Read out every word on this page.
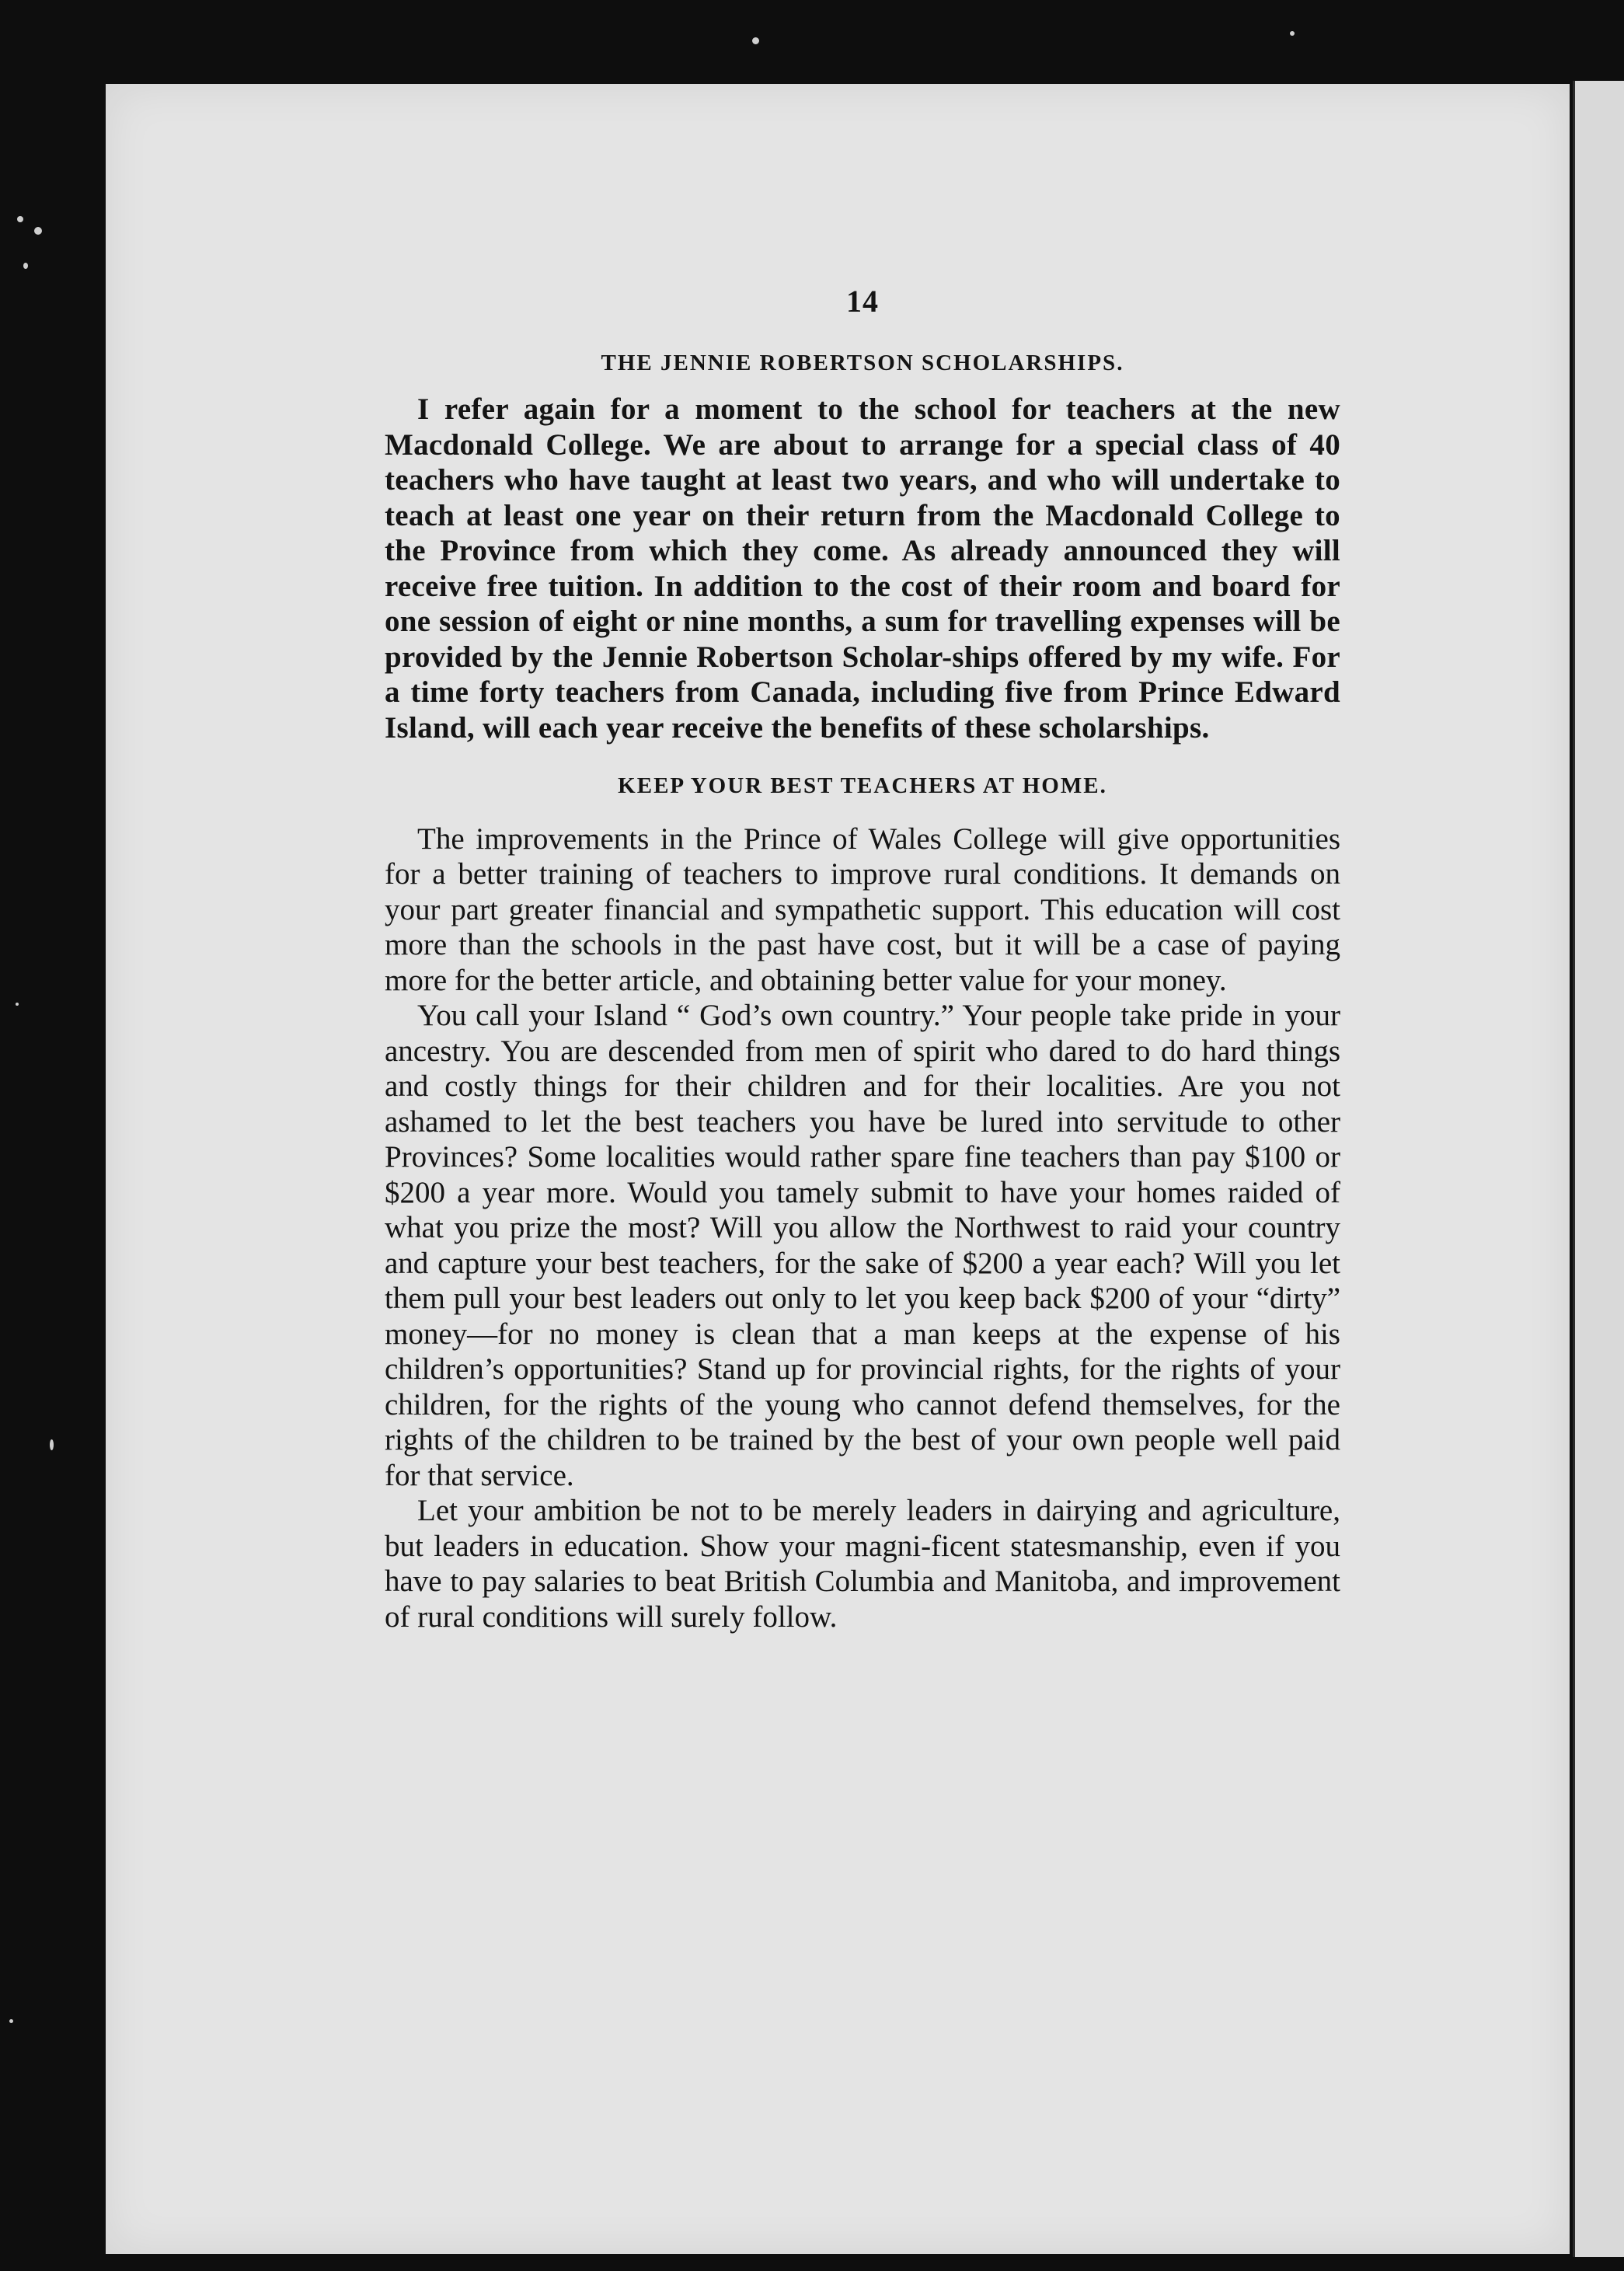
14
THE JENNIE ROBERTSON SCHOLARSHIPS.

I refer again for a moment to the school for teachers at the new Macdonald College. We are about to arrange for a special class of 40 teachers who have taught at least two years, and who will undertake to teach at least one year on their return from the Macdonald College to the Province from which they come. As already announced they will receive free tuition. In addition to the cost of their room and board for one session of eight or nine months, a sum for travelling expenses will be provided by the Jennie Robertson Scholar-ships offered by my wife. For a time forty teachers from Canada, including five from Prince Edward Island, will each year receive the benefits of these scholarships.

KEEP YOUR BEST TEACHERS AT HOME.

The improvements in the Prince of Wales College will give opportunities for a better training of teachers to improve rural conditions. It demands on your part greater financial and sympathetic support. This education will cost more than the schools in the past have cost, but it will be a case of paying more for the better article, and obtaining better value for your money.

You call your Island “ God’s own country.” Your people take pride in your ancestry. You are descended from men of spirit who dared to do hard things and costly things for their children and for their localities. Are you not ashamed to let the best teachers you have be lured into servitude to other Provinces? Some localities would rather spare fine teachers than pay $100 or $200 a year more. Would you tamely submit to have your homes raided of what you prize the most? Will you allow the Northwest to raid your country and capture your best teachers, for the sake of $200 a year each? Will you let them pull your best leaders out only to let you keep back $200 of your “dirty” money—for no money is clean that a man keeps at the expense of his children’s opportunities? Stand up for provincial rights, for the rights of your children, for the rights of the young who cannot defend themselves, for the rights of the children to be trained by the best of your own people well paid for that service.

Let your ambition be not to be merely leaders in dairying and agriculture, but leaders in education. Show your magni-ficent statesmanship, even if you have to pay salaries to beat British Columbia and Manitoba, and improvement of rural conditions will surely follow.
